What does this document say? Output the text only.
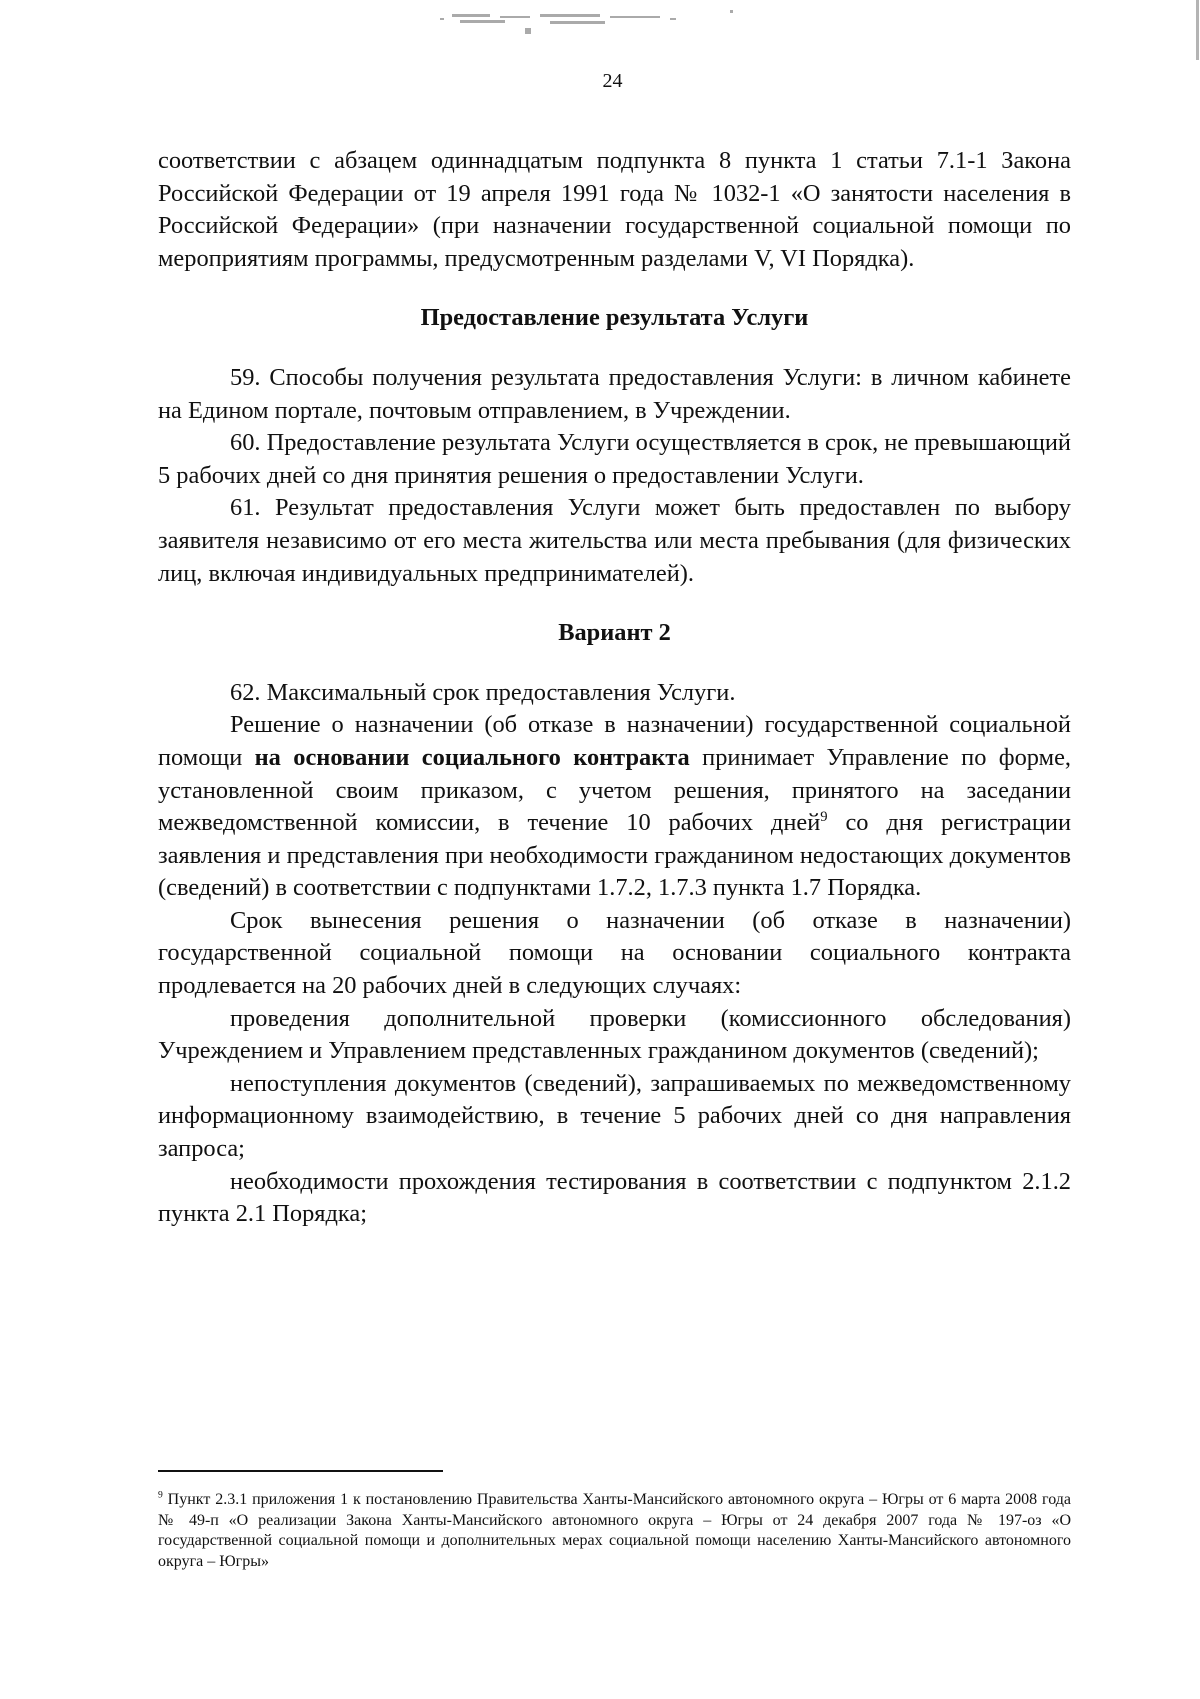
24

соответствии с абзацем одиннадцатым подпункта 8 пункта 1 статьи 7.1-1 Закона Российской Федерации от 19 апреля 1991 года № 1032-1 «О занятости населения в Российской Федерации» (при назначении государственной социальной помощи по мероприятиям программы, предусмотренным разделами V, VI Порядка).

Предоставление результата Услуги

59. Способы получения результата предоставления Услуги: в личном кабинете на Едином портале, почтовым отправлением, в Учреждении.

60. Предоставление результата Услуги осуществляется в срок, не превышающий 5 рабочих дней со дня принятия решения о предоставлении Услуги.

61. Результат предоставления Услуги может быть предоставлен по выбору заявителя независимо от его места жительства или места пребывания (для физических лиц, включая индивидуальных предпринимателей).

Вариант 2

62. Максимальный срок предоставления Услуги.

Решение о назначении (об отказе в назначении) государственной социальной помощи на основании социального контракта принимает Управление по форме, установленной своим приказом, с учетом решения, принятого на заседании межведомственной комиссии, в течение 10 рабочих дней$^9$ со дня регистрации заявления и представления при необходимости гражданином недостающих документов (сведений) в соответствии с подпунктами 1.7.2, 1.7.3 пункта 1.7 Порядка.

Срок вынесения решения о назначении (об отказе в назначении) государственной социальной помощи на основании социального контракта продлевается на 20 рабочих дней в следующих случаях:

проведения дополнительной проверки (комиссионного обследования) Учреждением и Управлением представленных гражданином документов (сведений);

непоступления документов (сведений), запрашиваемых по межведомственному информационному взаимодействию, в течение 5 рабочих дней со дня направления запроса;

необходимости прохождения тестирования в соответствии с подпунктом 2.1.2 пункта 2.1 Порядка;

$^9$ Пункт 2.3.1 приложения 1 к постановлению Правительства Ханты-Мансийского автономного округа – Югры от 6 марта 2008 года № 49-п «О реализации Закона Ханты-Мансийского автономного округа – Югры от 24 декабря 2007 года № 197-оз «О государственной социальной помощи и дополнительных мерах социальной помощи населению Ханты-Мансийского автономного округа – Югры»
